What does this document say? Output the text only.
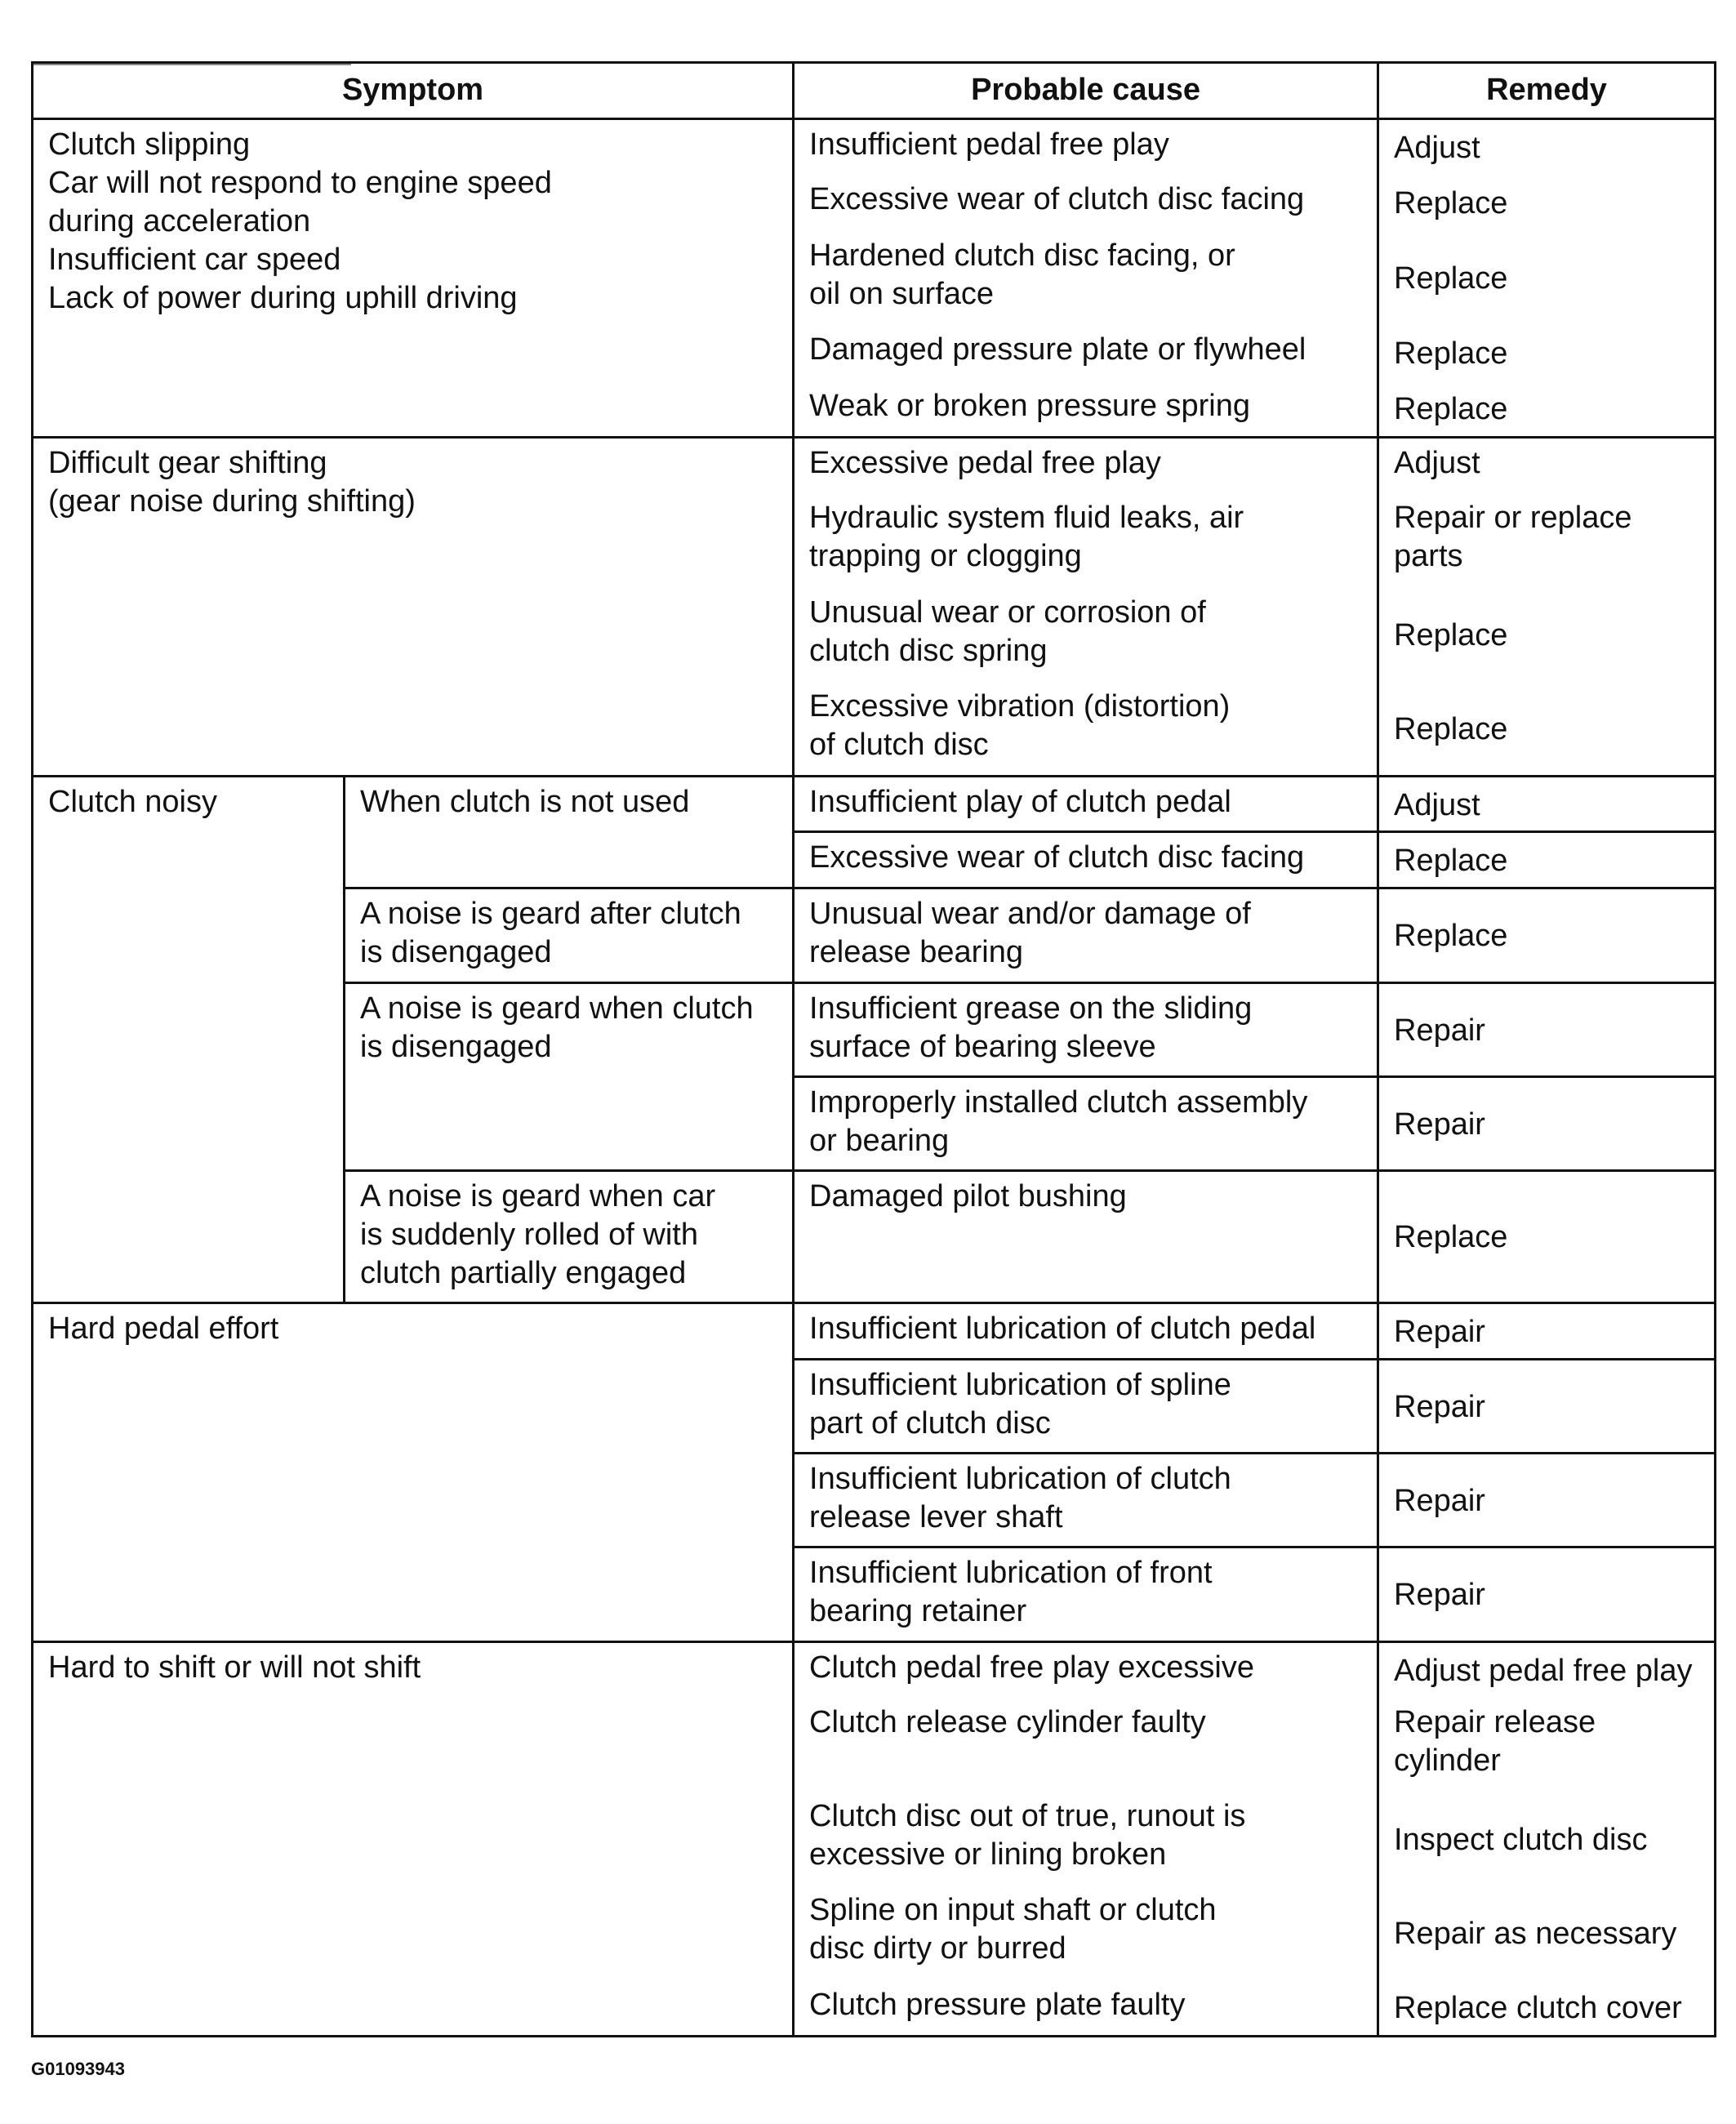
Symptom		Probable cause	Remedy

Clutch slipping
Car will not respond to engine speed
during acceleration
Insufficient car speed
Lack of power during uphill driving		Insufficient pedal free play	Adjust

		Excessive wear of clutch disc facing	Replace

		Hardened clutch disc facing, or
oil on surface	Replace

		Damaged pressure plate or flywheel	Replace

		Weak or broken pressure spring	Replace

Difficult gear shifting
(gear noise during shifting)		Excessive pedal free play	Adjust

		Hydraulic system fluid leaks, air
trapping or clogging	Repair or replace
parts

		Unusual wear or corrosion of
clutch disc spring	Replace

		Excessive vibration (distortion)
of clutch disc	Replace

Clutch noisy	When clutch is not used	Insufficient play of clutch pedal	Adjust

		Excessive wear of clutch disc facing	Replace

	A noise is geard after clutch
is disengaged	Unusual wear and/or damage of
release bearing	Replace

	A noise is geard when clutch
is disengaged	Insufficient grease on the sliding
surface of bearing sleeve	Repair

		Improperly installed clutch assembly
or bearing	Repair

	A noise is geard when car
is suddenly rolled of with
clutch partially engaged	Damaged pilot bushing	Replace

Hard pedal effort		Insufficient lubrication of clutch pedal	Repair

		Insufficient lubrication of spline
part of clutch disc	Repair

		Insufficient lubrication of clutch
release lever shaft	Repair

		Insufficient lubrication of front
bearing retainer	Repair

Hard to shift or will not shift		Clutch pedal free play excessive	Adjust pedal free play

		Clutch release cylinder faulty	Repair release
cylinder

		Clutch disc out of true, runout is
excessive or lining broken	Inspect clutch disc

		Spline on input shaft or clutch
disc dirty or burred	Repair as necessary

		Clutch pressure plate faulty	Replace clutch cover
G01093943
